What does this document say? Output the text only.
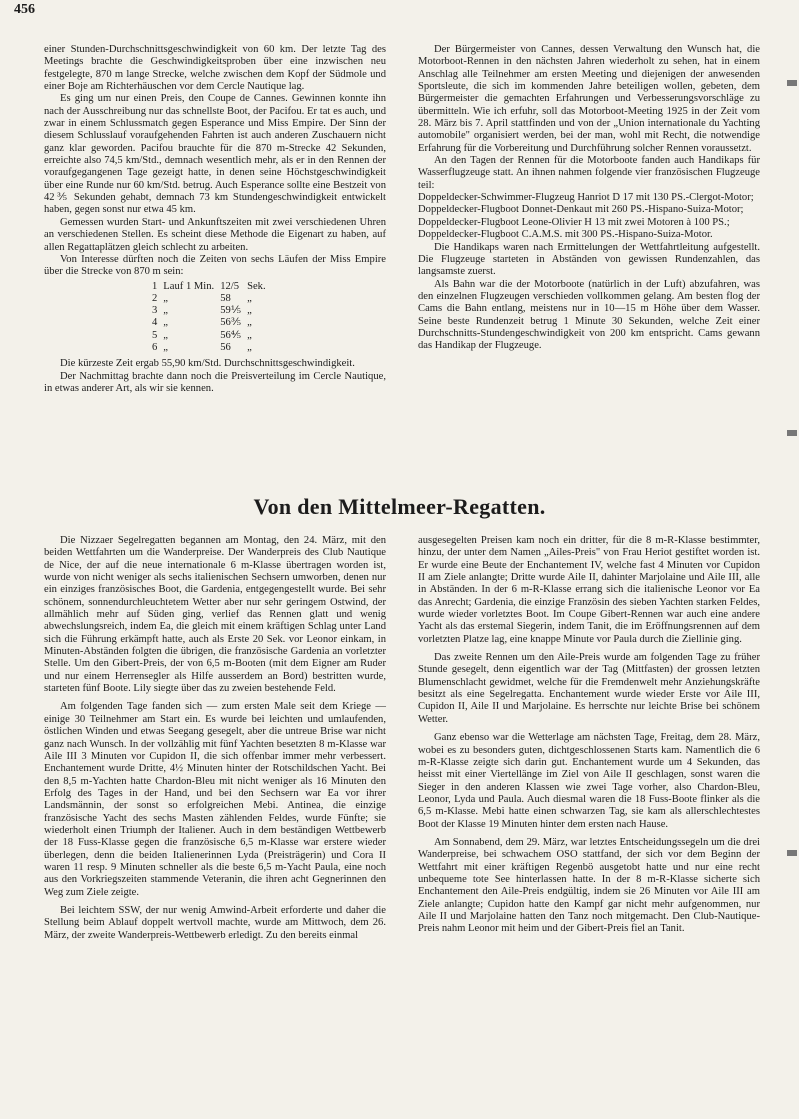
456

einer Stunden-Durchschnittsgeschwindigkeit von 60 km. Der letzte Tag des Meetings brachte die Geschwindigkeitsproben über eine inzwischen neu festgelegte, 870 m lange Strecke, welche zwischen dem Kopf der Südmole und einer Boje am Richterhäuschen vor dem Cercle Nautique lag.

Es ging um nur einen Preis, den Coupe de Cannes. Gewinnen konnte ihn nach der Ausschreibung nur das schnellste Boot, der Pacifou. Er tat es auch, und zwar in einem Schlussmatch gegen Esperance und Miss Empire. Der Sinn der diesem Schlusslauf voraufgehenden Fahrten ist auch anderen Zuschauern nicht ganz klar geworden. Pacifou brauchte für die 870 m-Strecke 42 Sekunden, erreichte also 74,5 km/Std., demnach wesentlich mehr, als er in den Rennen der voraufgegangenen Tage gezeigt hatte, in denen seine Höchstgeschwindigkeit über eine Runde nur 60 km/Std. betrug. Auch Esperance sollte eine Bestzeit von 42⅗ Sekunden gehabt, demnach 73 km Stundengeschwindigkeit entwickelt haben, gegen sonst nur etwa 45 km.

Gemessen wurden Start- und Ankunftszeiten mit zwei verschiedenen Uhren an verschiedenen Stellen. Es scheint diese Methode die Eigenart zu haben, auf allen Regattaplätzen gleich schlecht zu arbeiten.

Von Interesse dürften noch die Zeiten von sechs Läufen der Miss Empire über die Strecke von 870 m sein:

1	Lauf 1 Min.	12/5	Sek.
2	„	58	„
3	„	59⅕	„
4	„	56⅗	„
5	„	56⅘	„
6	„	56	„

Die kürzeste Zeit ergab 55,90 km/Std. Durchschnittsgeschwindigkeit.

Der Nachmittag brachte dann noch die Preisverteilung im Cercle Nautique, in etwas anderer Art, als wir sie kennen.

Der Bürgermeister von Cannes, dessen Verwaltung den Wunsch hat, die Motorboot-Rennen in den nächsten Jahren wiederholt zu sehen, hat in einem Anschlag alle Teilnehmer am ersten Meeting und diejenigen der anwesenden Sportsleute, die sich im kommenden Jahre beteiligen wollen, gebeten, dem Bürgermeister die gemachten Erfahrungen und Verbesserungsvorschläge zu übermitteln. Wie ich erfuhr, soll das Motorboot-Meeting 1925 in der Zeit vom 28. März bis 7. April stattfinden und von der „Union internationale du Yachting automobile" organisiert werden, bei der man, wohl mit Recht, die notwendige Erfahrung für die Vorbereitung und Durchführung solcher Rennen voraussetzt.

An den Tagen der Rennen für die Motorboote fanden auch Handikaps für Wasserflugzeuge statt. An ihnen nahmen folgende vier französischen Flugzeuge teil:

Doppeldecker-Schwimmer-Flugzeug Hanriot D 17 mit 130 PS.-Clergot-Motor;

Doppeldecker-Flugboot Donnet-Denkaut mit 260 PS.-Hispano-Suiza-Motor;

Doppeldecker-Flugboot Leone-Olivier H 13 mit zwei Motoren à 100 PS.;

Doppeldecker-Flugboot C.A.M.S. mit 300 PS.-Hispano-Suiza-Motor.

Die Handikaps waren nach Ermittelungen der Wettfahrtleitung aufgestellt. Die Flugzeuge starteten in Abständen von gewissen Rundenzahlen, das langsamste zuerst.

Als Bahn war die der Motorboote (natürlich in der Luft) abzufahren, was den einzelnen Flugzeugen verschieden vollkommen gelang. Am besten flog der Cams die Bahn entlang, meistens nur in 10—15 m Höhe über dem Wasser. Seine beste Rundenzeit betrug 1 Minute 30 Sekunden, welche Zeit einer Durchschnitts-Stundengeschwindigkeit von 200 km entspricht. Cams gewann das Handikap der Flugzeuge.

Von den Mittelmeer-Regatten.

Die Nizzaer Segelregatten begannen am Montag, den 24. März, mit den beiden Wettfahrten um die Wanderpreise. Der Wanderpreis des Club Nautique de Nice, der auf die neue internationale 6 m-Klasse übertragen worden ist, wurde von nicht weniger als sechs italienischen Sechsern umworben, denen nur ein einziges französisches Boot, die Gardenia, entgegengestellt wurde. Bei sehr schönem, sonnendurchleuchtetem Wetter aber nur sehr geringem Ostwind, der allmählich mehr auf Süden ging, verlief das Rennen glatt und wenig abwechslungsreich, indem Ea, die gleich mit einem kräftigen Schlag unter Land sich die Führung erkämpft hatte, auch als Erste 20 Sek. vor Leonor einkam, in Minuten-Abständen folgten die übrigen, die französische Gardenia an vorletzter Stelle. Um den Gibert-Preis, der von 6,5 m-Booten (mit dem Eigner am Ruder und nur einem Herrensegler als Hilfe ausserdem an Bord) bestritten wurde, starteten fünf Boote. Lily siegte über das zu zweien bestehende Feld.

Am folgenden Tage fanden sich — zum ersten Male seit dem Kriege — einige 30 Teilnehmer am Start ein. Es wurde bei leichten und umlaufenden, östlichen Winden und etwas Seegang gesegelt, aber die untreue Brise war nicht ganz nach Wunsch. In der vollzählig mit fünf Yachten besetzten 8 m-Klasse war Aile III 3 Minuten vor Cupidon II, die sich offenbar immer mehr verbessert. Enchantement wurde Dritte, 4½ Minuten hinter der Rotschildschen Yacht. Bei den 8,5 m-Yachten hatte Chardon-Bleu mit nicht weniger als 16 Minuten den Erfolg des Tages in der Hand, und bei den Sechsern war Ea vor ihrer Landsmännin, der sonst so erfolgreichen Mebi. Antinea, die einzige französische Yacht des sechs Masten zählenden Feldes, wurde Fünfte; sie wiederholt einen Triumph der Italiener. Auch in dem beständigen Wettbewerb der 18 Fuss-Klasse gegen die französische 6,5 m-Klasse war erstere wieder überlegen, denn die beiden Italienerinnen Lyda (Preisträgerin) und Cora II waren 11 resp. 9 Minuten schneller als die beste 6,5 m-Yacht Paula, eine noch aus den Vorkriegszeiten stammende Veteranin, die ihren acht Gegnerinnen den Weg zum Ziele zeigte.

Bei leichtem SSW, der nur wenig Amwind-Arbeit erforderte und daher die Stellung beim Ablauf doppelt wertvoll machte, wurde am Mittwoch, dem 26. März, der zweite Wanderpreis-Wettbewerb erledigt. Zu den bereits einmal

ausgesegelten Preisen kam noch ein dritter, für die 8 m-R-Klasse bestimmter, hinzu, der unter dem Namen „Ailes-Preis" von Frau Heriot gestiftet worden ist. Er wurde eine Beute der Enchantement IV, welche fast 4 Minuten vor Cupidon II am Ziele anlangte; Dritte wurde Aile II, dahinter Marjolaine und Aile III, alle in Abständen. In der 6 m-R-Klasse errang sich die italienische Leonor vor Ea das Anrecht; Gardenia, die einzige Französin des sieben Yachten starken Feldes, wurde wieder vorletztes Boot. Im Coupe Gibert-Rennen war auch eine andere Yacht als das erstemal Siegerin, indem Tanit, die im Eröffnungsrennen auf dem vorletzten Platze lag, eine knappe Minute vor Paula durch die Ziellinie ging.

Das zweite Rennen um den Aile-Preis wurde am folgenden Tage zu früher Stunde gesegelt, denn eigentlich war der Tag (Mittfasten) der grossen letzten Blumenschlacht gewidmet, welche für die Fremdenwelt mehr Anziehungskräfte besitzt als eine Segelregatta. Enchantement wurde wieder Erste vor Aile III, Cupidon II, Aile II und Marjolaine. Es herrschte nur leichte Brise bei schönem Wetter.

Ganz ebenso war die Wetterlage am nächsten Tage, Freitag, dem 28. März, wobei es zu besonders guten, dichtgeschlossenen Starts kam. Namentlich die 6 m-R-Klasse zeigte sich darin gut. Enchantement wurde um 4 Sekunden, das heisst mit einer Viertellänge im Ziel von Aile II geschlagen, sonst waren die Sieger in den anderen Klassen wie zwei Tage vorher, also Chardon-Bleu, Leonor, Lyda und Paula. Auch diesmal waren die 18 Fuss-Boote flinker als die 6,5 m-Klasse. Mebi hatte einen schwarzen Tag, sie kam als allerschlechtestes Boot der Klasse 19 Minuten hinter dem ersten nach Hause.

Am Sonnabend, dem 29. März, war letztes Entscheidungssegeln um die drei Wanderpreise, bei schwachem OSO stattfand, der sich vor dem Beginn der Wettfahrt mit einer kräftigen Regenbö ausgetobt hatte und nur eine recht unbequeme tote See hinterlassen hatte. In der 8 m-R-Klasse sicherte sich Enchantement den Aile-Preis endgültig, indem sie 26 Minuten vor Aile III am Ziele anlangte; Cupidon hatte den Kampf gar nicht mehr aufgenommen, nur Aile II und Marjolaine hatten den Tanz noch mitgemacht. Den Club-Nautique-Preis nahm Leonor mit heim und der Gibert-Preis fiel an Tanit.
